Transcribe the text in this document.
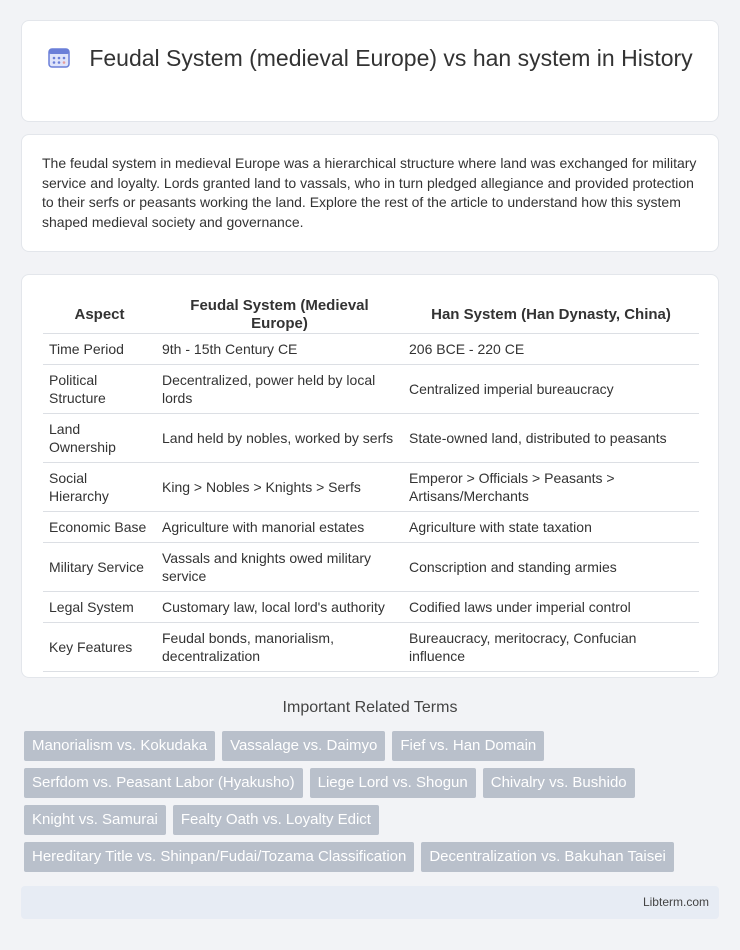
Feudal System (medieval Europe) vs han system in History

The feudal system in medieval Europe was a hierarchical structure where land was exchanged for military service and loyalty. Lords granted land to vassals, who in turn pledged allegiance and provided protection to their serfs or peasants working the land. Explore the rest of the article to understand how this system shaped medieval society and governance.

Aspect	Feudal System (Medieval Europe)	Han System (Han Dynasty, China)
Time Period	9th - 15th Century CE	206 BCE - 220 CE
Political Structure	Decentralized, power held by local lords	Centralized imperial bureaucracy
Land Ownership	Land held by nobles, worked by serfs	State-owned land, distributed to peasants
Social Hierarchy	King > Nobles > Knights > Serfs	Emperor > Officials > Peasants > Artisans/Merchants
Economic Base	Agriculture with manorial estates	Agriculture with state taxation
Military Service	Vassals and knights owed military service	Conscription and standing armies
Legal System	Customary law, local lord's authority	Codified laws under imperial control
Key Features	Feudal bonds, manorialism, decentralization	Bureaucracy, meritocracy, Confucian influence
Important Related Terms
Manorialism vs. Kokudaka	Vassalage vs. Daimyo	Fief vs. Han Domain
Serfdom vs. Peasant Labor (Hyakusho)	Liege Lord vs. Shogun	Chivalry vs. Bushido
Knight vs. Samurai	Fealty Oath vs. Loyalty Edict
Hereditary Title vs. Shinpan/Fudai/Tozama Classification	Decentralization vs. Bakuhan Taisei
Libterm.com
